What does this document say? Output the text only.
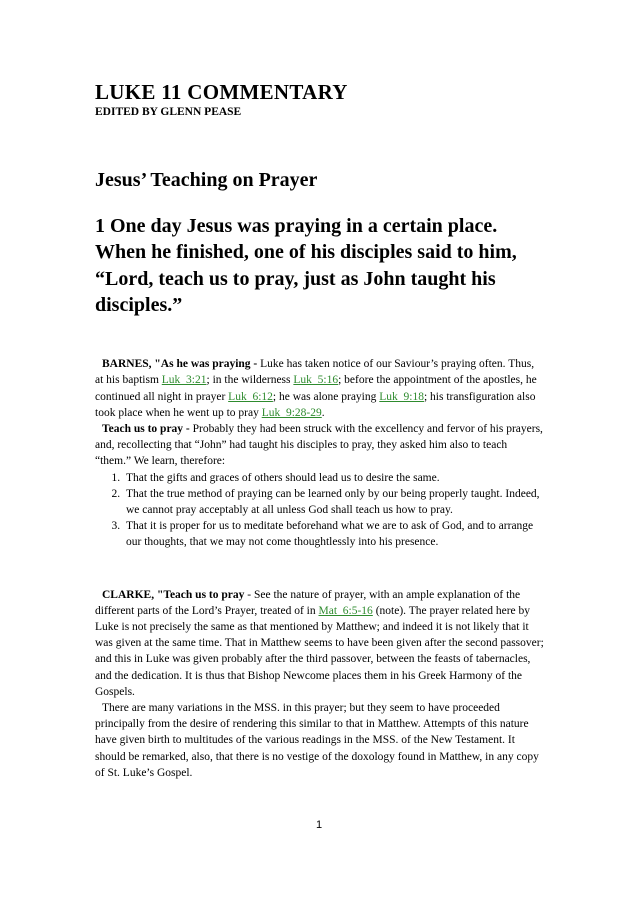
LUKE 11 COMMENTARY
EDITED BY GLENN PEASE
Jesus’ Teaching on Prayer
1 One day Jesus was praying in a certain place. When he finished, one of his disciples said to him, “Lord, teach us to pray, just as John taught his disciples.”

BARNES, "As he was praying - Luke has taken notice of our Saviour’s praying often. Thus, at his baptism Luk_3:21; in the wilderness Luk_5:16; before the appointment of the apostles, he continued all night in prayer Luk_6:12; he was alone praying Luk_9:18; his transfiguration also took place when he went up to pray Luk_9:28-29.

Teach us to pray - Probably they had been struck with the excellency and fervor of his prayers, and, recollecting that “John” had taught his disciples to pray, they asked him also to teach “them.” We learn, therefore:

1. That the gifts and graces of others should lead us to desire the same.
2. That the true method of praying can be learned only by our being properly taught. Indeed, we cannot pray acceptably at all unless God shall teach us how to pray.
3. That it is proper for us to meditate beforehand what we are to ask of God, and to arrange our thoughts, that we may not come thoughtlessly into his presence.

CLARKE, "Teach us to pray - See the nature of prayer, with an ample explanation of the different parts of the Lord’s Prayer, treated of in Mat_6:5-16 (note). The prayer related here by Luke is not precisely the same as that mentioned by Matthew; and indeed it is not likely that it was given at the same time. That in Matthew seems to have been given after the second passover; and this in Luke was given probably after the third passover, between the feasts of tabernacles, and the dedication. It is thus that Bishop Newcome places them in his Greek Harmony of the Gospels.

There are many variations in the MSS. in this prayer; but they seem to have proceeded principally from the desire of rendering this similar to that in Matthew. Attempts of this nature have given birth to multitudes of the various readings in the MSS. of the New Testament. It should be remarked, also, that there is no vestige of the doxology found in Matthew, in any copy of St. Luke’s Gospel.

1
